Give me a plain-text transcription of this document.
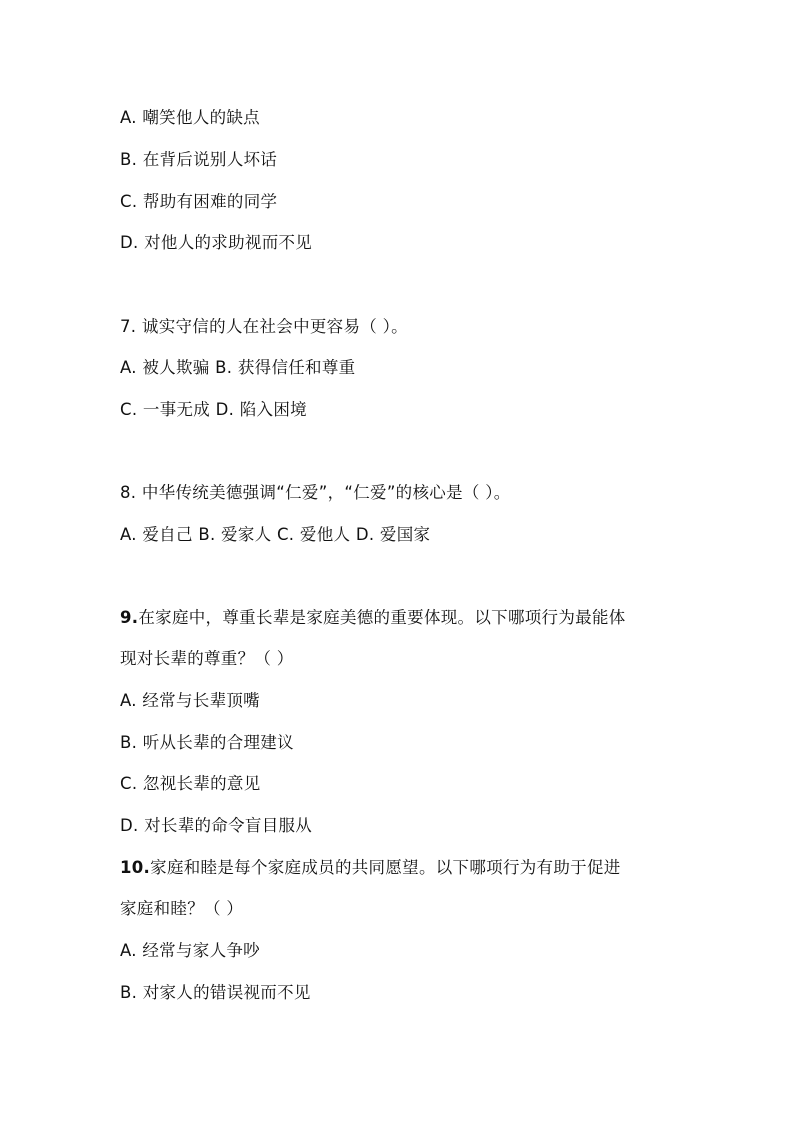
A. 嘲笑他人的缺点
B. 在背后说别人坏话
C. 帮助有困难的同学
D. 对他人的求助视而不见
7. 诚实守信的人在社会中更容易（ ）。
A. 被人欺骗 B. 获得信任和尊重
C. 一事无成 D. 陷入困境
8. 中华传统美德强调“仁爱”，“仁爱”的核心是（ ）。
A. 爱自己 B. 爱家人 C. 爱他人 D. 爱国家
9.在家庭中，尊重长辈是家庭美德的重要体现。以下哪项行为最能体
现对长辈的尊重？（ ）
A. 经常与长辈顶嘴
B. 听从长辈的合理建议
C. 忽视长辈的意见
D. 对长辈的命令盲目服从
10.家庭和睦是每个家庭成员的共同愿望。以下哪项行为有助于促进
家庭和睦？（ ）
A. 经常与家人争吵
B. 对家人的错误视而不见
